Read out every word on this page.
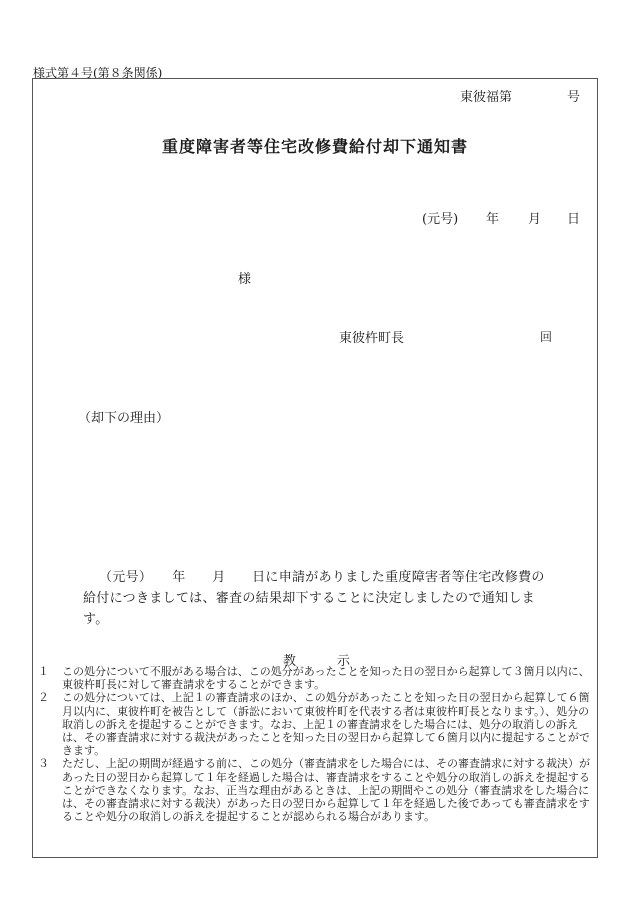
様式第４号(第８条関係)
東彼福第	号
重度障害者等住宅改修費給付却下通知書
(元号) 年 月 日
様
東彼杵町長	回
（却下の理由）
（元号）　　年　　月　　日に申請がありました重度障害者等住宅改修費の給付につきましては、審査の結果却下することに決定しましたので通知します。
教	示
１	この処分について不服がある場合は、この処分があったことを知った日の翌日から起算して３箇月以内に、東彼杵町長に対して審査請求をすることができます。
２	この処分については、上記１の審査請求のほか、この処分があったことを知った日の翌日から起算して６箇月以内に、東彼杵町を被告として（訴訟において東彼杵町を代表する者は東彼杵町長となります。）、処分の取消しの訴えを提起することができます。なお、上記１の審査請求をした場合には、処分の取消しの訴えは、その審査請求に対する裁決があったことを知った日の翌日から起算して６箇月以内に提起することができます。
３	ただし、上記の期間が経過する前に、この処分（審査請求をした場合には、その審査請求に対する裁決）があった日の翌日から起算して１年を経過した場合は、審査請求をすることや処分の取消しの訴えを提起することができなくなります。なお、正当な理由があるときは、上記の期間やこの処分（審査請求をした場合には、その審査請求に対する裁決）があった日の翌日から起算して１年を経過した後であっても審査請求をすることや処分の取消しの訴えを提起することが認められる場合があります。
